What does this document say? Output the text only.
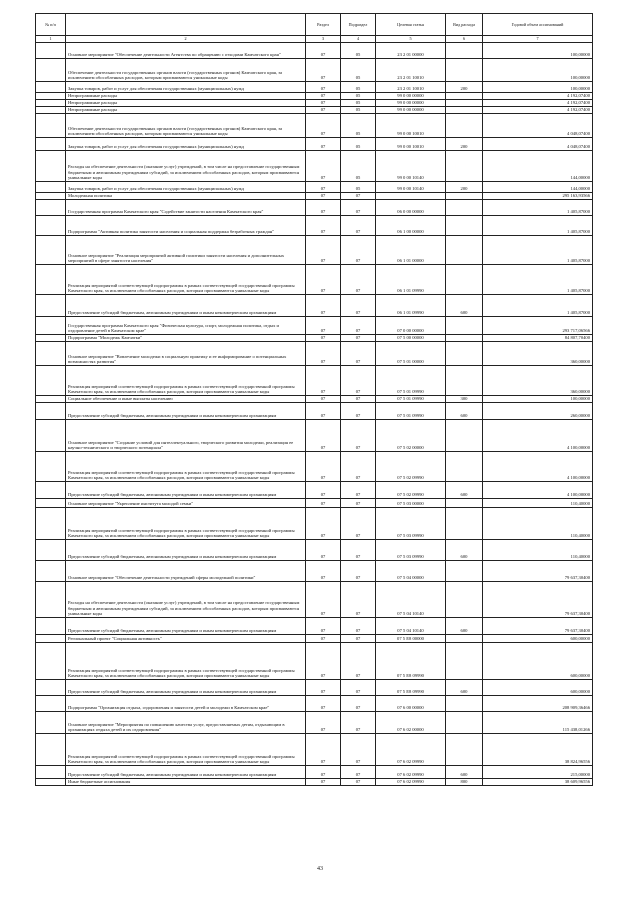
№ п/п		Раздел	Подраздел	Целевая статья	Вид расхода	Годовой объем ассигнований
1	2	3	4	5	6	7
	Основное мероприятие "Обеспечение деятельности Агентства по обращению с отходами Камчатского края"	07	05	23 2 01 00000		100,00000
	Обеспечение деятельности государственных органов власти (государственных органов) Камчатского края, за исключением обособленных расходов, которым присваиваются уникальные коды	07	05	23 2 01 10010		100,00000
	Закупка товаров, работ и услуг для обеспечения государственных (муниципальных) нужд	07	05	23 2 01 10010	200	100,00000
	Непрограммные расходы	07	05	99 0 00 00000		4 192,07400
	Непрограммные расходы	07	05	99 0 00 00000		4 192,07400
	Непрограммные расходы	07	05	99 0 00 00000		4 192,07400
	Обеспечение деятельности государственных органов власти (государственных органов) Камчатского края, за исключением обособленных расходов, которым присваиваются уникальные коды	07	05	99 0 00 10010		4 048,07400
	Закупка товаров, работ и услуг для обеспечения государственных (муниципальных) нужд	07	05	99 0 00 10010	200	4 048,07400
	Расходы на обеспечение деятельности (оказание услуг) учреждений, в том числе на предоставление государственным бюджетным и автономным учреждениям субсидий, за исключением обособленных расходов, которым присваиваются уникальные коды	07	05	99 0 00 10140		144,00000
	Закупка товаров, работ и услуг для обеспечения государственных (муниципальных) нужд	07	05	99 0 00 10140	200	144,00000
	Молодежная политика	07	07			295 163,93566
	Государственная программа Камчатского края "Содействие занятости населения Камчатского края"	07	07	06 0 00 00000		1 405,87000
	Подпрограмма "Активная политика занятости населения и социальная поддержка безработных граждан"	07	07	06 1 00 00000		1 405,87000
	Основное мероприятие "Реализация мероприятий активной политики занятости населения и дополнительных мероприятий в сфере занятости населения"	07	07	06 1 01 00000		1 405,87000
	Реализация мероприятий соответствующей подпрограммы в рамках соответствующей государственной программы Камчатского края, за исключением обособленных расходов, которым присваиваются уникальные коды	07	07	06 1 01 09990		1 405,87000
	Предоставление субсидий бюджетным, автономным учреждениям и иным некоммерческим организациям	07	07	06 1 01 09990	600	1 405,87000
	Государственная программа Камчатского края "Физическая культура, спорт, молодежная политика, отдых и оздоровление детей в Камчатском крае"	07	07	07 0 00 00000		293 717,06566
	Подпрограмма "Молодежь Камчатки"	07	07	07 5 00 00000		84 807,70400
	Основное мероприятие "Вовлечение молодежи в социальную практику и ее информирование о потенциальных возможностях развития"	07	07	07 5 01 00000		360,00000
	Реализация мероприятий соответствующей подпрограммы в рамках соответствующей государственной программы Камчатского края, за исключением обособленных расходов, которым присваиваются уникальные коды	07	07	07 5 01 09990		360,00000
	Социальное обеспечение и иные выплаты населению	07	07	07 5 01 09990	300	100,00000
	Предоставление субсидий бюджетным, автономным учреждениям и иным некоммерческим организациям	07	07	07 5 01 09990	600	260,00000
	Основное мероприятие "Создание условий для интеллектуального, творческого развития молодежи, реализация ее научно-технического и творческого потенциала"	07	07	07 5 02 00000		4 100,00000
	Реализация мероприятий соответствующей подпрограммы в рамках соответствующей государственной программы Камчатского края, за исключением обособленных расходов, которым присваиваются уникальные коды	07	07	07 5 02 09990		4 100,00000
	Предоставление субсидий бюджетным, автономным учреждениям и иным некоммерческим организациям	07	07	07 5 02 09990	600	4 100,00000
	Основное мероприятие "Укрепление института молодой семьи"	07	07	07 5 03 00000		110,40000
	Реализация мероприятий соответствующей подпрограммы в рамках соответствующей государственной программы Камчатского края, за исключением обособленных расходов, которым присваиваются уникальные коды	07	07	07 5 03 09990		110,40000
	Предоставление субсидий бюджетным, автономным учреждениям и иным некоммерческим организациям	07	07	07 5 03 09990	600	110,40000
	Основное мероприятие "Обеспечение деятельности учреждений сферы молодежной политики"	07	07	07 5 04 00000		79 637,30400
	Расходы на обеспечение деятельности (оказание услуг) учреждений, в том числе на предоставление государственным бюджетным и автономным учреждениям субсидий, за исключением обособленных расходов, которым присваиваются уникальные коды	07	07	07 5 04 10140		79 637,30400
	Предоставление субсидий бюджетным, автономным учреждениям и иным некоммерческим организациям	07	07	07 5 04 10140	600	79 637,30400
	Региональный проект "Социальная активность"	07	07	07 5 E8 00000		600,00000
	Реализация мероприятий соответствующей подпрограммы в рамках соответствующей государственной программы Камчатского края, за исключением обособленных расходов, которым присваиваются уникальные коды	07	07	07 5 E8 09990		600,00000
	Предоставление субсидий бюджетным, автономным учреждениям и иным некоммерческим организациям	07	07	07 5 E8 09990	600	600,00000
	Подпрограмма "Организация отдыха, оздоровления и занятости детей и молодежи в Камчатском крае"	07	07	07 6 00 00000		208 909,36466
	Основное мероприятие "Мероприятия по повышению качества услуг, предоставляемых детям, отдыхающим в организациях отдыха детей и их оздоровления"	07	07	07 6 02 00000		115 438,01266
	Реализация мероприятий соответствующей подпрограммы в рамках соответствующей государственной программы Камчатского края, за исключением обособленных расходов, которым присваиваются уникальные коды	07	07	07 6 02 09990		38 824,96556
	Предоставление субсидий бюджетным, автономным учреждениям и иным некоммерческим организациям	07	07	07 6 02 09990	600	215,00000
	Иные бюджетные ассигнования	07	07	07 6 02 09990	800	38 609,96556
43
